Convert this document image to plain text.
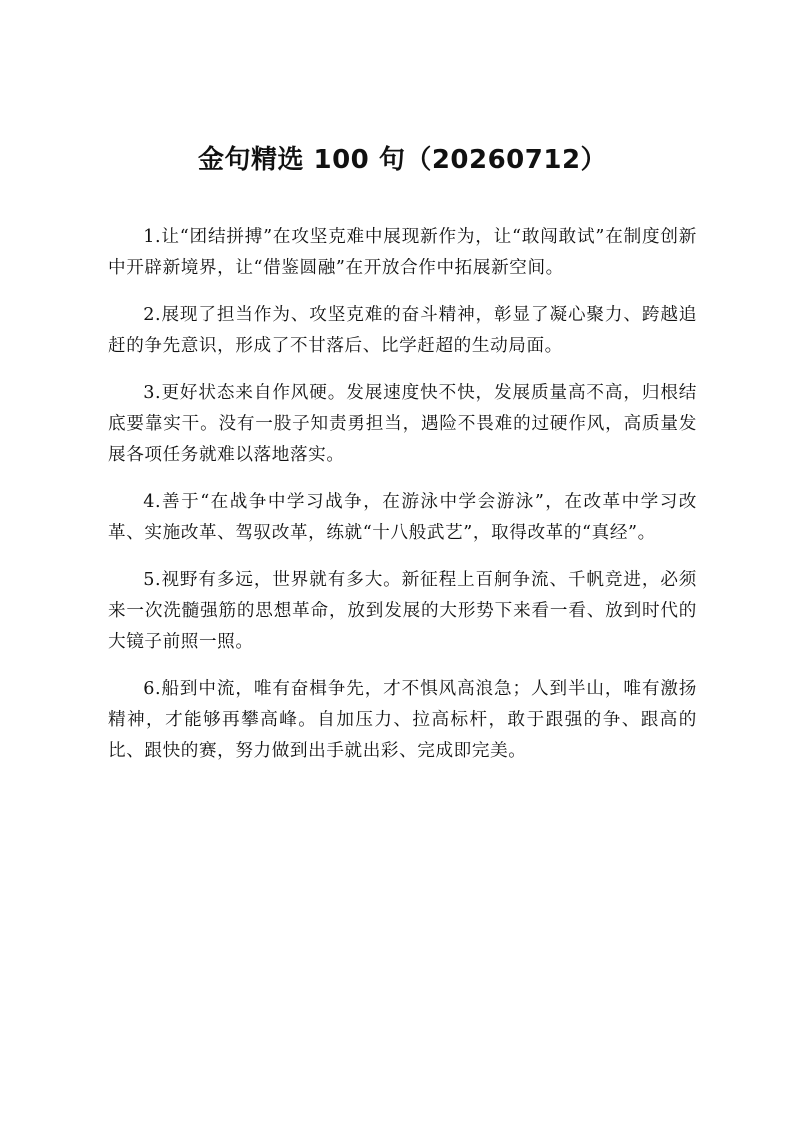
金句精选 100 句（20260712）

1.让“团结拼搏”在攻坚克难中展现新作为，让“敢闯敢试”在制度创新中开辟新境界，让“借鉴圆融”在开放合作中拓展新空间。

2.展现了担当作为、攻坚克难的奋斗精神，彰显了凝心聚力、跨越追赶的争先意识，形成了不甘落后、比学赶超的生动局面。

3.更好状态来自作风硬。发展速度快不快，发展质量高不高，归根结底要靠实干。没有一股子知责勇担当，遇险不畏难的过硬作风，高质量发展各项任务就难以落地落实。

4.善于“在战争中学习战争，在游泳中学会游泳”，在改革中学习改革、实施改革、驾驭改革，练就“十八般武艺”，取得改革的“真经”。

5.视野有多远，世界就有多大。新征程上百舸争流、千帆竞进，必须来一次洗髓强筋的思想革命，放到发展的大形势下来看一看、放到时代的大镜子前照一照。

6.船到中流，唯有奋楫争先，才不惧风高浪急；人到半山，唯有激扬精神，才能够再攀高峰。自加压力、拉高标杆，敢于跟强的争、跟高的比、跟快的赛，努力做到出手就出彩、完成即完美。
